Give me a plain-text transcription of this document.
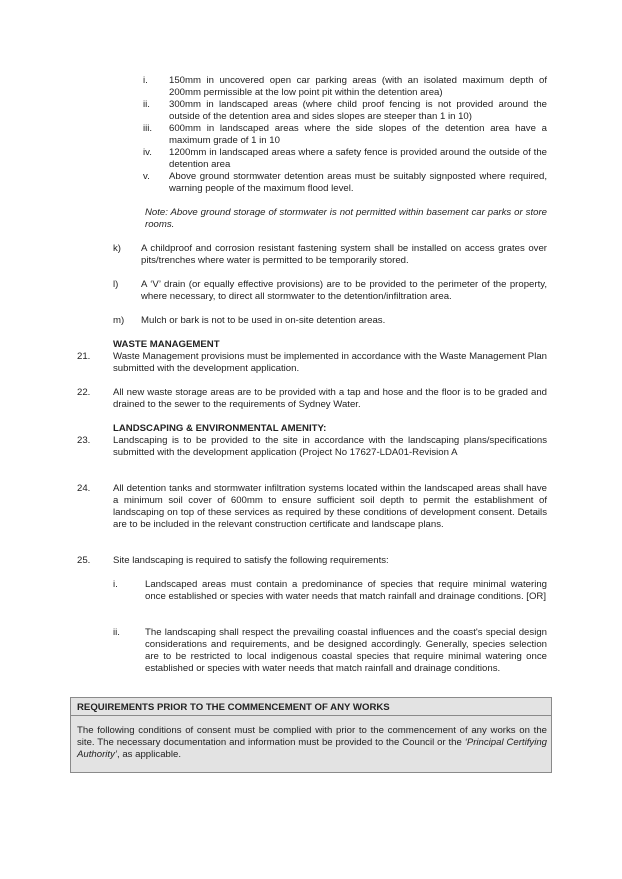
i.	150mm in uncovered open car parking areas (with an isolated maximum depth of 200mm permissible at the low point pit within the detention area)
ii.	300mm in landscaped areas (where child proof fencing is not provided around the outside of the detention area and sides slopes are steeper than 1 in 10)
iii.	600mm in landscaped areas where the side slopes of the detention area have a maximum grade of 1 in 10
iv.	1200mm in landscaped areas where a safety fence is provided around the outside of the detention area
v.	Above ground stormwater detention areas must be suitably signposted where required, warning people of the maximum flood level.
Note: Above ground storage of stormwater is not permitted within basement car parks or store rooms.
k)	A childproof and corrosion resistant fastening system shall be installed on access grates over pits/trenches where water is permitted to be temporarily stored.
l)	A ‘V’ drain (or equally effective provisions) are to be provided to the perimeter of the property, where necessary, to direct all stormwater to the detention/infiltration area.
m)	Mulch or bark is not to be used in on-site detention areas.
WASTE MANAGEMENT
21.	Waste Management provisions must be implemented in accordance with the Waste Management Plan submitted with the development application.
22.	All new waste storage areas are to be provided with a tap and hose and the floor is to be graded and drained to the sewer to the requirements of Sydney Water.
LANDSCAPING & ENVIRONMENTAL AMENITY:
23.	Landscaping is to be provided to the site in accordance with the landscaping plans/specifications submitted with the development application (Project No 17627-LDA01-Revision A
24.	All detention tanks and stormwater infiltration systems located within the landscaped areas shall have a minimum soil cover of 600mm to ensure sufficient soil depth to permit the establishment of landscaping on top of these services as required by these conditions of development consent. Details are to be included in the relevant construction certificate and landscape plans.
25.	Site landscaping is required to satisfy the following requirements:
i.	Landscaped areas must contain a predominance of species that require minimal watering once established or species with water needs that match rainfall and drainage conditions. [OR]
ii.	The landscaping shall respect the prevailing coastal influences and the coast's special design considerations and requirements, and be designed accordingly. Generally, species selection are to be restricted to local indigenous coastal species that require minimal watering once established or species with water needs that match rainfall and drainage conditions.
REQUIREMENTS PRIOR TO THE COMMENCEMENT OF ANY WORKS
The following conditions of consent must be complied with prior to the commencement of any works on the site. The necessary documentation and information must be provided to the Council or the ‘Principal Certifying Authority’, as applicable.
